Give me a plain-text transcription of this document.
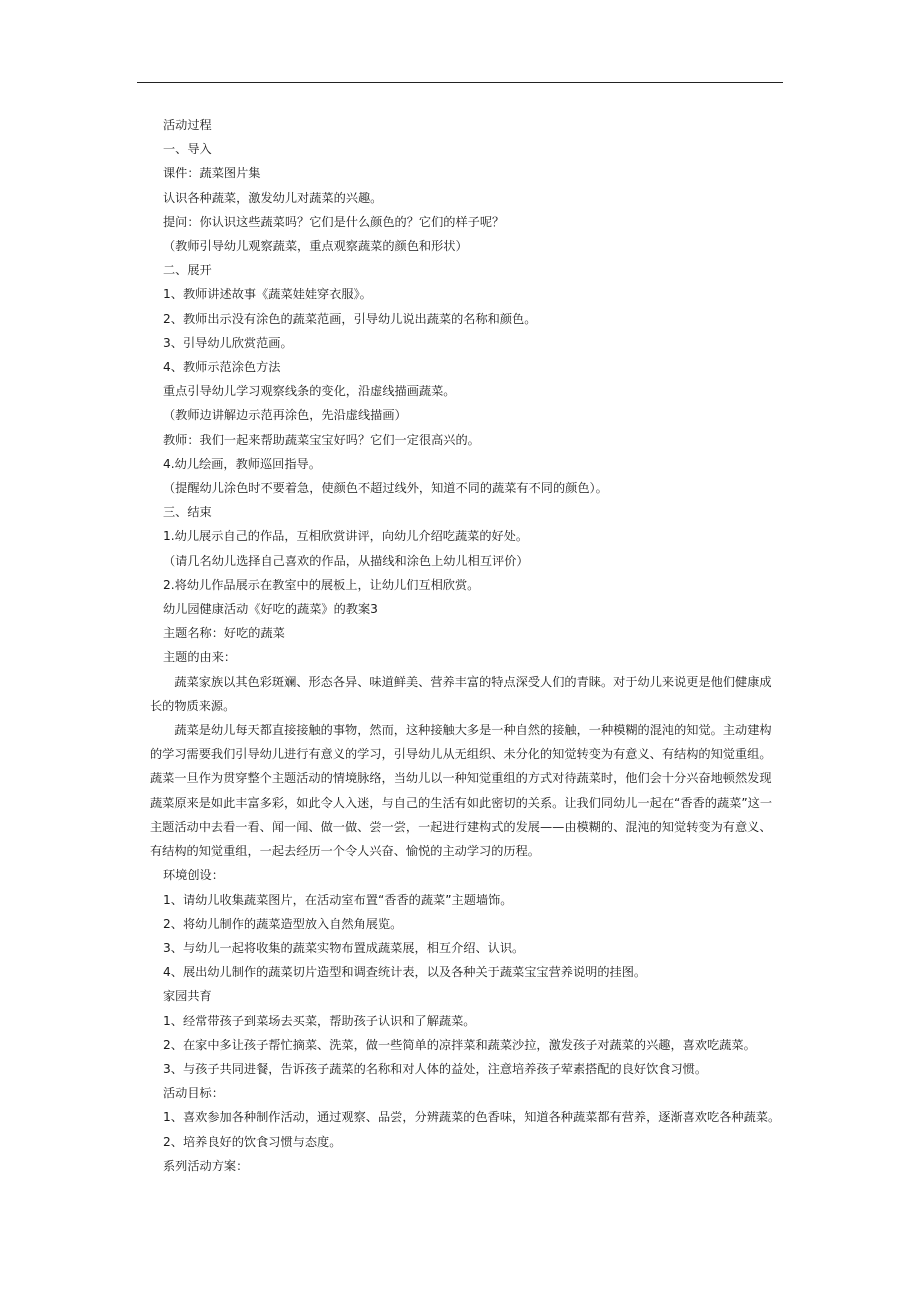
活动过程
一、导入
课件：蔬菜图片集
认识各种蔬菜，激发幼儿对蔬菜的兴趣。
提问：你认识这些蔬菜吗？它们是什么颜色的？它们的样子呢？
（教师引导幼儿观察蔬菜，重点观察蔬菜的颜色和形状）
二、展开
1、教师讲述故事《蔬菜娃娃穿衣服》。
2、教师出示没有涂色的蔬菜范画，引导幼儿说出蔬菜的名称和颜色。
3、引导幼儿欣赏范画。
4、教师示范涂色方法
重点引导幼儿学习观察线条的变化，沿虚线描画蔬菜。
（教师边讲解边示范再涂色，先沿虚线描画）
教师：我们一起来帮助蔬菜宝宝好吗？它们一定很高兴的。
4.幼儿绘画，教师巡回指导。
（提醒幼儿涂色时不要着急，使颜色不超过线外，知道不同的蔬菜有不同的颜色）。
三、结束
1.幼儿展示自己的作品，互相欣赏讲评，向幼儿介绍吃蔬菜的好处。
（请几名幼儿选择自己喜欢的作品，从描线和涂色上幼儿相互评价）
2.将幼儿作品展示在教室中的展板上，让幼儿们互相欣赏。
幼儿园健康活动《好吃的蔬菜》的教案3
主题名称：好吃的蔬菜
主题的由来：
蔬菜家族以其色彩斑斓、形态各异、味道鲜美、营养丰富的特点深受人们的青睐。对于幼儿来说更是他们健康成长的物质来源。
蔬菜是幼儿每天都直接接触的事物，然而，这种接触大多是一种自然的接触，一种模糊的混沌的知觉。主动建构的学习需要我们引导幼儿进行有意义的学习，引导幼儿从无组织、未分化的知觉转变为有意义、有结构的知觉重组。蔬菜一旦作为贯穿整个主题活动的情境脉络，当幼儿以一种知觉重组的方式对待蔬菜时，他们会十分兴奋地顿然发现蔬菜原来是如此丰富多彩，如此令人入迷，与自己的生活有如此密切的关系。让我们同幼儿一起在“香香的蔬菜”这一主题活动中去看一看、闻一闻、做一做、尝一尝，一起进行建构式的发展——由模糊的、混沌的知觉转变为有意义、有结构的知觉重组，一起去经历一个令人兴奋、愉悦的主动学习的历程。
环境创设：
1、请幼儿收集蔬菜图片，在活动室布置“香香的蔬菜”主题墙饰。
2、将幼儿制作的蔬菜造型放入自然角展览。
3、与幼儿一起将收集的蔬菜实物布置成蔬菜展，相互介绍、认识。
4、展出幼儿制作的蔬菜切片造型和调查统计表，以及各种关于蔬菜宝宝营养说明的挂图。
家园共育
1、经常带孩子到菜场去买菜，帮助孩子认识和了解蔬菜。
2、在家中多让孩子帮忙摘菜、洗菜，做一些简单的凉拌菜和蔬菜沙拉，激发孩子对蔬菜的兴趣，喜欢吃蔬菜。
3、与孩子共同进餐，告诉孩子蔬菜的名称和对人体的益处，注意培养孩子荤素搭配的良好饮食习惯。
活动目标：
1、喜欢参加各种制作活动，通过观察、品尝，分辨蔬菜的色香味，知道各种蔬菜都有营养，逐渐喜欢吃各种蔬菜。
2、培养良好的饮食习惯与态度。
系列活动方案：
